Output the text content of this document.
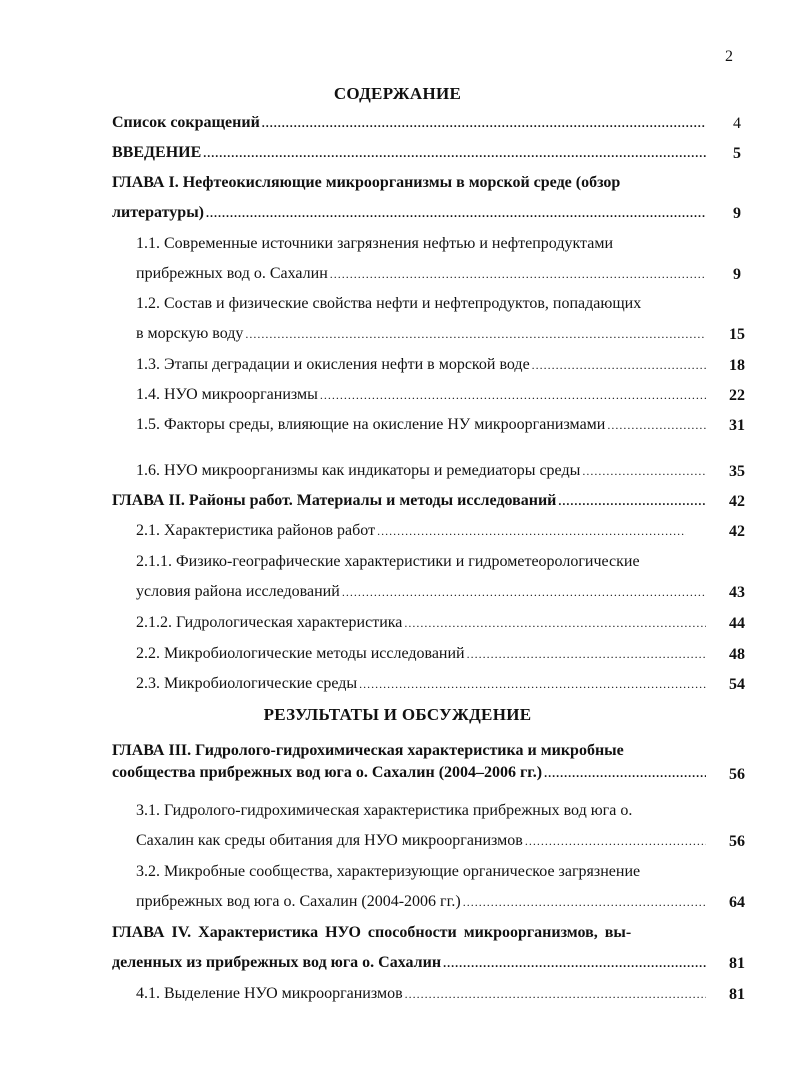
2
СОДЕРЖАНИЕ
Список сокращений .....	4
ВВЕДЕНИЕ .....	5
ГЛАВА I. Нефтеокисляющие микроорганизмы в морской среде (обзор
литературы) .....	9
1.1. Современные источники загрязнения нефтью и нефтепродуктами
прибрежных вод о. Сахалин .....	9
1.2. Состав и физические свойства нефти и нефтепродуктов, попадающих
в морскую воду .....	15
1.3. Этапы деградации и окисления нефти в морской воде .....	18
1.4. НУО микроорганизмы .....	22
1.5. Факторы среды, влияющие на окисление НУ микроорганизмами .....	31
1.6. НУО микроорганизмы как индикаторы и ремедиаторы среды .....	35
ГЛАВА II. Районы работ. Материалы и методы исследований .....	42
2.1. Характеристика районов работ .....	42
2.1.1. Физико-географические характеристики и гидрометеорологические
условия района исследований .....	43
2.1.2. Гидрологическая характеристика .....	44
2.2. Микробиологические методы исследований .....	48
2.3. Микробиологические среды .....	54
РЕЗУЛЬТАТЫ И ОБСУЖДЕНИЕ
ГЛАВА III. Гидролого-гидрохимическая характеристика и микробные
сообщества прибрежных вод юга о. Сахалин (2004–2006 гг.) .....	56
3.1. Гидролого-гидрохимическая характеристика прибрежных вод юга о.
Сахалин как среды обитания для НУО микроорганизмов .....	56
3.2. Микробные сообщества, характеризующие органическое загрязнение
прибрежных вод юга о. Сахалин (2004-2006 гг.) .....	64
ГЛАВА IV. Характеристика НУО способности микроорганизмов, вы-
деленных из прибрежных вод юга о. Сахалин .....	81
4.1. Выделение НУО микроорганизмов .....	81
